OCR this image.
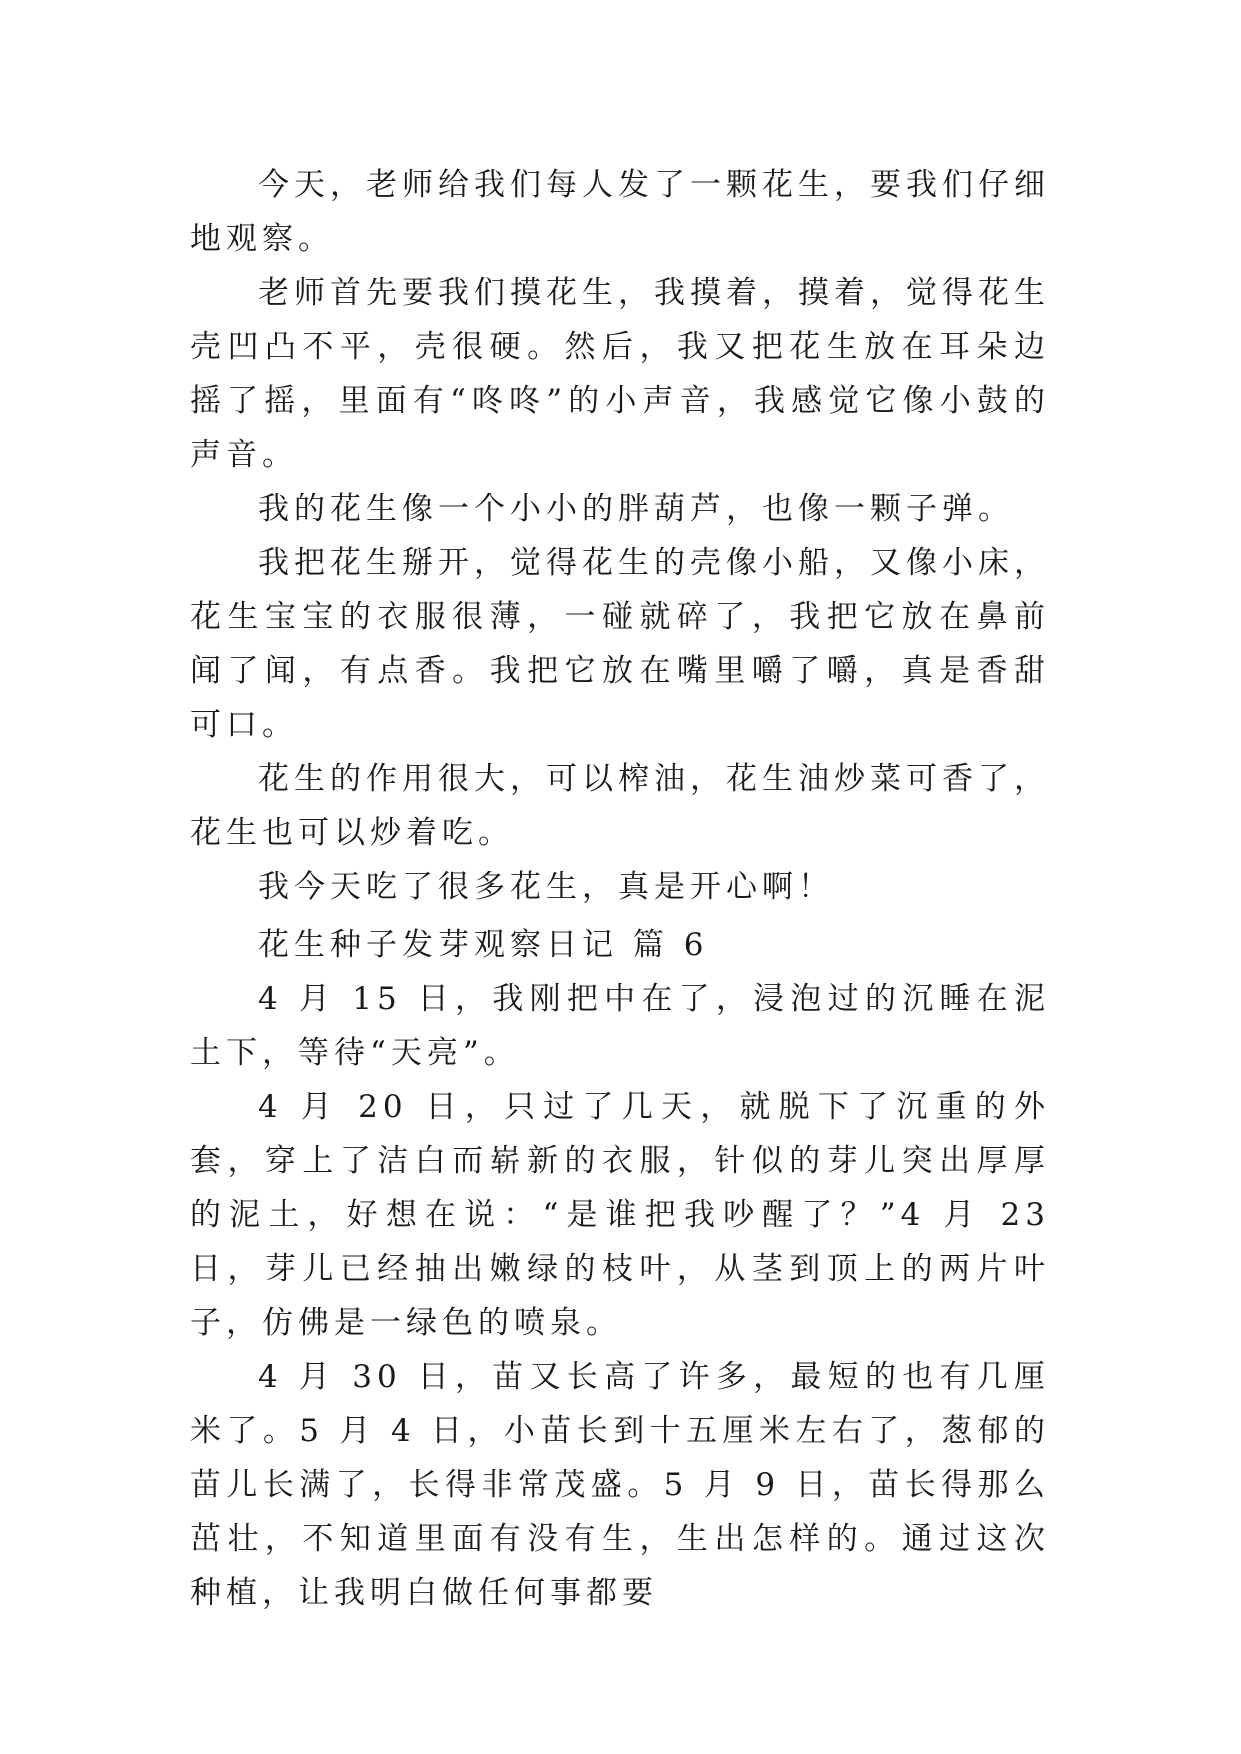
今天，老师给我们每人发了一颗花生，要我们仔细地观察。

老师首先要我们摸花生，我摸着，摸着，觉得花生壳凹凸不平，壳很硬。然后，我又把花生放在耳朵边摇了摇，里面有“咚咚”的小声音，我感觉它像小鼓的声音。

我的花生像一个小小的胖葫芦，也像一颗子弹。

我把花生掰开，觉得花生的壳像小船，又像小床，花生宝宝的衣服很薄，一碰就碎了，我把它放在鼻前闻了闻，有点香。我把它放在嘴里嚼了嚼，真是香甜可口。

花生的作用很大，可以榨油，花生油炒菜可香了，花生也可以炒着吃。

我今天吃了很多花生，真是开心啊！

花生种子发芽观察日记 篇 6

4 月 15 日，我刚把中在了，浸泡过的沉睡在泥土下，等待“天亮”。

4 月 20 日，只过了几天，就脱下了沉重的外套，穿上了洁白而崭新的衣服，针似的芽儿突出厚厚的泥土，好想在说：“是谁把我吵醒了？”4 月 23 日，芽儿已经抽出嫩绿的枝叶，从茎到顶上的两片叶子，仿佛是一绿色的喷泉。

4 月 30 日，苗又长高了许多，最短的也有几厘米了。5 月 4 日，小苗长到十五厘米左右了，葱郁的苗儿长满了，长得非常茂盛。5 月 9 日，苗长得那么茁壮，不知道里面有没有生，生出怎样的。通过这次种植，让我明白做任何事都要
